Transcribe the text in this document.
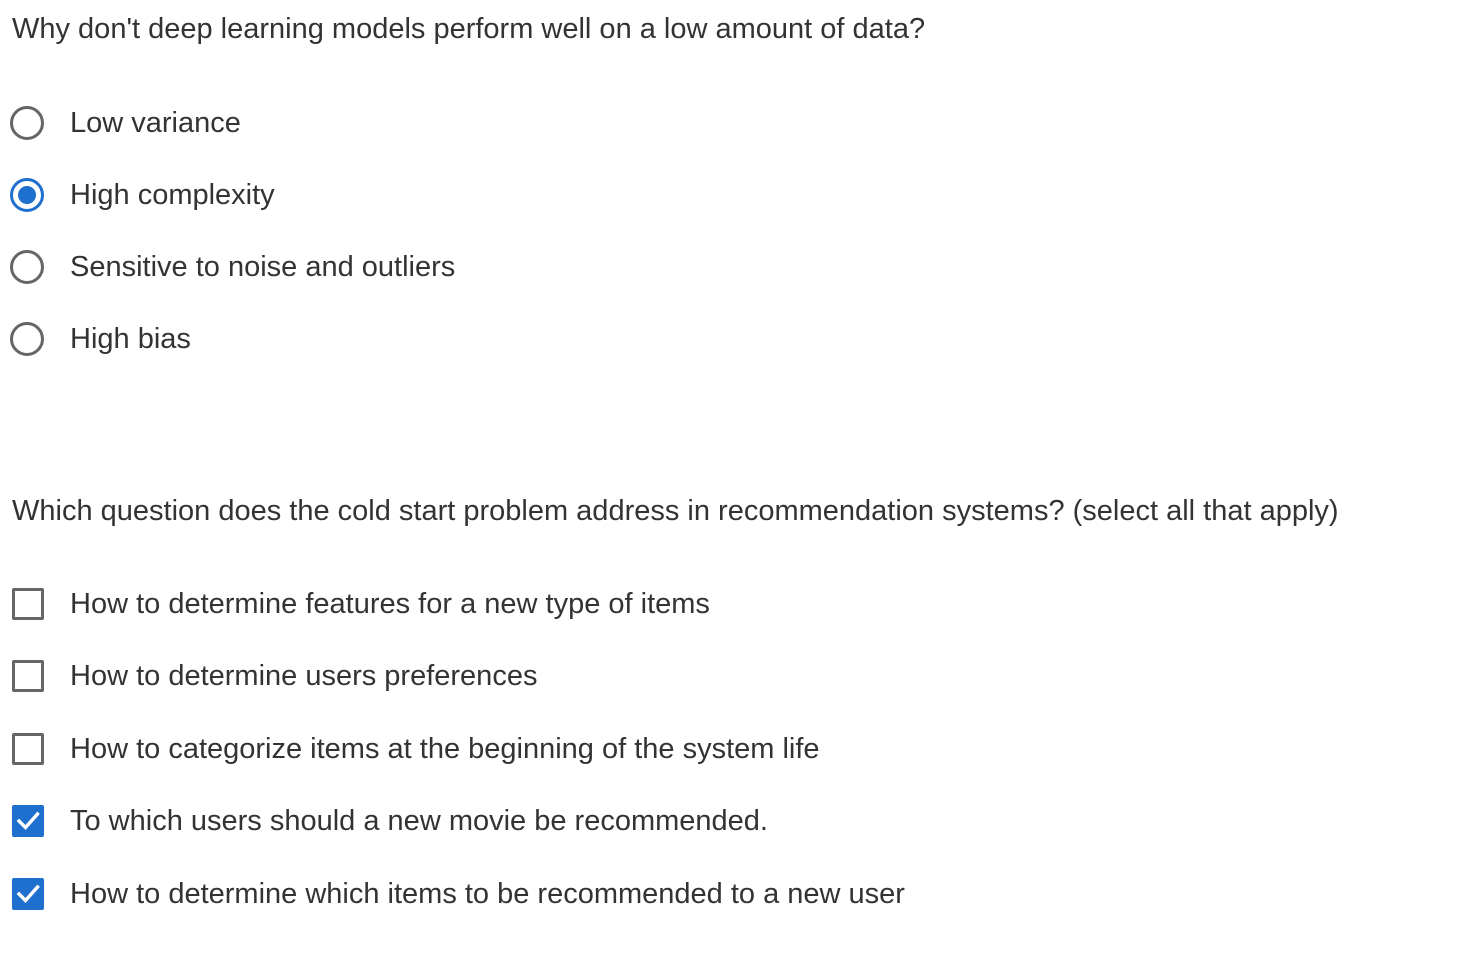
Why don't deep learning models perform well on a low amount of data?
Low variance
High complexity
Sensitive to noise and outliers
High bias
Which question does the cold start problem address in recommendation systems? (select all that apply)
How to determine features for a new type of items
How to determine users preferences
How to categorize items at the beginning of the system life
To which users should a new movie be recommended.
How to determine which items to be recommended to a new user
